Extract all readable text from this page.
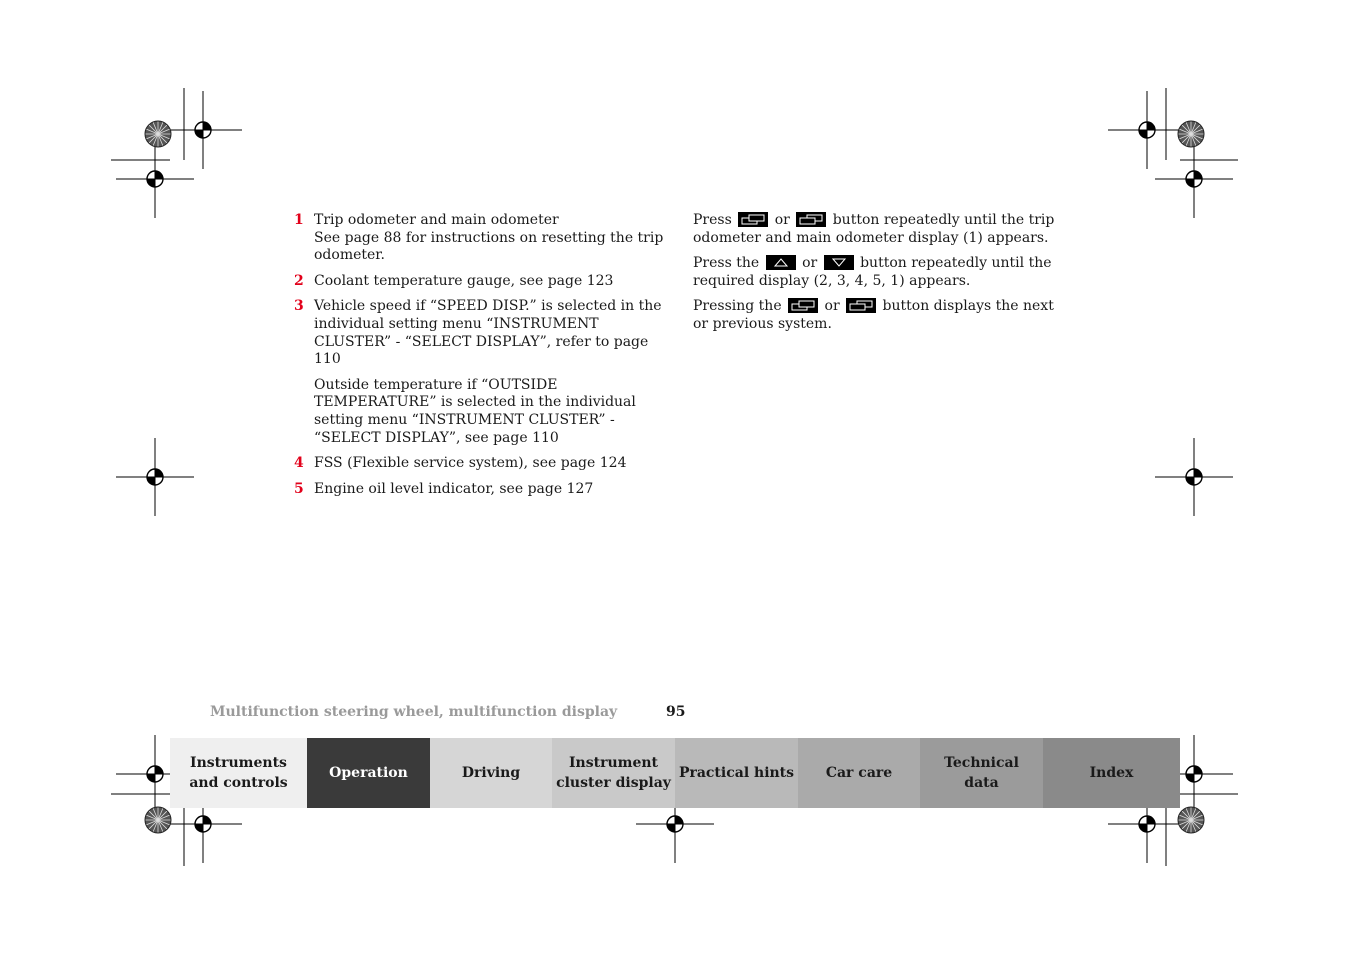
1 Trip odometer and main odometer
See page 88 for instructions on resetting the trip odometer.
2 Coolant temperature gauge, see page 123
3 Vehicle speed if “SPEED DISP.” is selected in the individual setting menu “INSTRUMENT CLUSTER” - “SELECT DISPLAY”, refer to page 110
Outside temperature if “OUTSIDE TEMPERATURE” is selected in the individual setting menu “INSTRUMENT CLUSTER” - “SELECT DISPLAY”, see page 110
4 FSS (Flexible service system), see page 124
5 Engine oil level indicator, see page 127

Press	or	button repeatedly until the trip odometer and main odometer display (1) appears.

Press the	or	button repeatedly until the required display (2, 3, 4, 5, 1) appears.

Pressing the	or	button displays the next or previous system.

Multifunction steering wheel, multifunction display	95
Instruments
and controls
Operation	Driving
Instrument
cluster display
Practical hints Car care
Technical
data
Index
